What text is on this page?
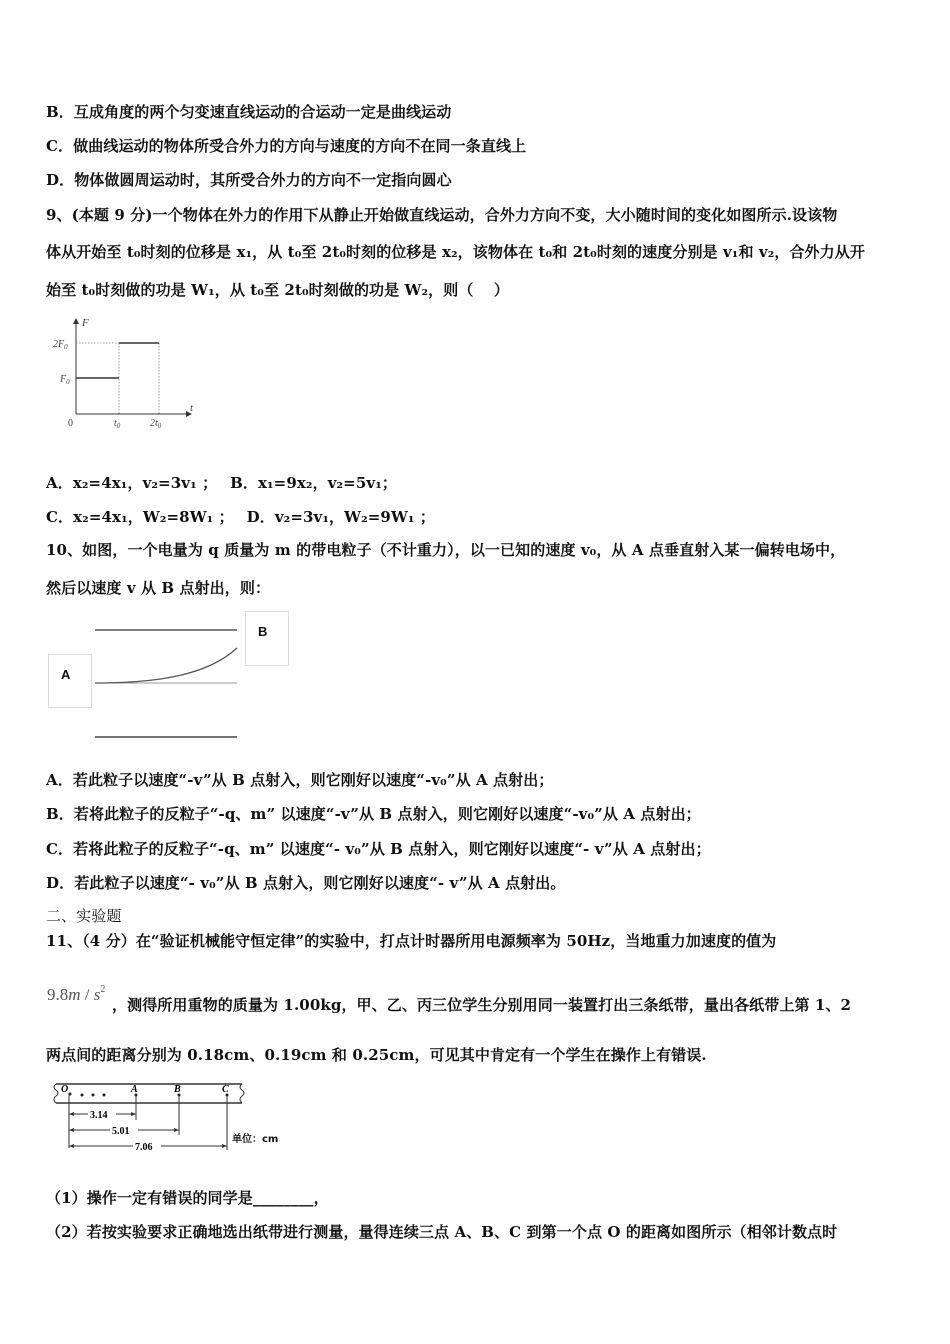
B．互成角度的两个匀变速直线运动的合运动一定是曲线运动
C．做曲线运动的物体所受合外力的方向与速度的方向不在同一条直线上
D．物体做圆周运动时，其所受合外力的方向不一定指向圆心
9、(本题 9 分)一个物体在外力的作用下从静止开始做直线运动，合外力方向不变，大小随时间的变化如图所示.设该物
体从开始至 t₀时刻的位移是 x₁，从 t₀至 2t₀时刻的位移是 x₂，该物体在 t₀和 2t₀时刻的速度分别是 v₁和 v₂，合外力从开
始至 t₀时刻做的功是 W₁，从 t₀至 2t₀时刻做的功是 W₂，则（　 ）
F
t
$2F_0$
$F_0$
0	$t_0$	$2t_0$
A．x₂=4x₁，v₂=3v₁ ；　 B．x₁=9x₂，v₂=5v₁；
C．x₂=4x₁，W₂=8W₁ ；　 D．v₂=3v₁，W₂=9W₁ ；
10、如图，一个电量为 q 质量为 m 的带电粒子（不计重力），以一已知的速度 v₀，从 A 点垂直射入某一偏转电场中，
然后以速度 v 从 B 点射出，则：
A
B
A．若此粒子以速度“-v”从 B 点射入，则它刚好以速度“-v₀”从 A 点射出；
B．若将此粒子的反粒子“-q、m” 以速度“-v”从 B 点射入，则它刚好以速度“-v₀”从 A 点射出；
C．若将此粒子的反粒子“-q、m” 以速度“- v₀”从 B 点射入，则它刚好以速度“- v”从 A 点射出；
D．若此粒子以速度“- v₀”从 B 点射入，则它刚好以速度“- v”从 A 点射出。
二、实验题
11、（4 分）在“验证机械能守恒定律”的实验中，打点计时器所用电源频率为 50Hz，当地重力加速度的值为
$9.8m / s^2$
，测得所用重物的质量为 1.00kg，甲、乙、丙三位学生分别用同一装置打出三条纸带，量出各纸带上第 1、2
两点间的距离分别为 0.18cm、0.19cm 和 0.25cm，可见其中肯定有一个学生在操作上有错误.
O	A	B	C
3.14
5.01
7.06
单位：cm
（1）操作一定有错误的同学是________，
（2）若按实验要求正确地选出纸带进行测量，量得连续三点 A、B、C 到第一个点 O 的距离如图所示（相邻计数点时
